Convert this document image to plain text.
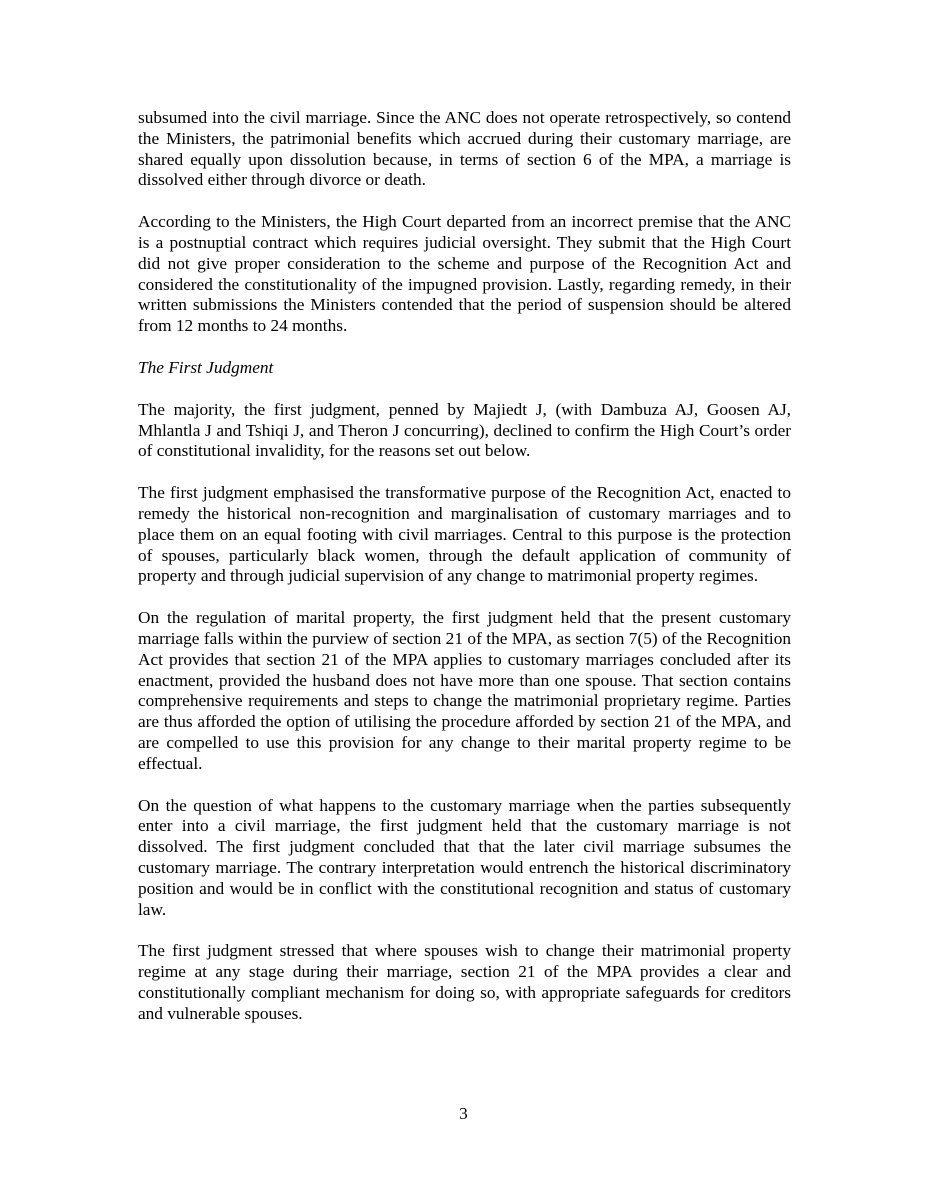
subsumed into the civil marriage. Since the ANC does not operate retrospectively, so contend the Ministers, the patrimonial benefits which accrued during their customary marriage, are shared equally upon dissolution because, in terms of section 6 of the MPA, a marriage is dissolved either through divorce or death.

According to the Ministers, the High Court departed from an incorrect premise that the ANC is a postnuptial contract which requires judicial oversight. They submit that the High Court did not give proper consideration to the scheme and purpose of the Recognition Act and considered the constitutionality of the impugned provision. Lastly, regarding remedy, in their written submissions the Ministers contended that the period of suspension should be altered from 12 months to 24 months.

The First Judgment

The majority, the first judgment, penned by Majiedt J, (with Dambuza AJ, Goosen AJ, Mhlantla J and Tshiqi J, and Theron J concurring), declined to confirm the High Court’s order of constitutional invalidity, for the reasons set out below.

The first judgment emphasised the transformative purpose of the Recognition Act, enacted to remedy the historical non-recognition and marginalisation of customary marriages and to place them on an equal footing with civil marriages. Central to this purpose is the protection of spouses, particularly black women, through the default application of community of property and through judicial supervision of any change to matrimonial property regimes.

On the regulation of marital property, the first judgment held that the present customary marriage falls within the purview of section 21 of the MPA, as section 7(5) of the Recognition Act provides that section 21 of the MPA applies to customary marriages concluded after its enactment, provided the husband does not have more than one spouse. That section contains comprehensive requirements and steps to change the matrimonial proprietary regime. Parties are thus afforded the option of utilising the procedure afforded by section 21 of the MPA, and are compelled to use this provision for any change to their marital property regime to be effectual.

On the question of what happens to the customary marriage when the parties subsequently enter into a civil marriage, the first judgment held that the customary marriage is not dissolved. The first judgment concluded that that the later civil marriage subsumes the customary marriage. The contrary interpretation would entrench the historical discriminatory position and would be in conflict with the constitutional recognition and status of customary law.

The first judgment stressed that where spouses wish to change their matrimonial property regime at any stage during their marriage, section 21 of the MPA provides a clear and constitutionally compliant mechanism for doing so, with appropriate safeguards for creditors and vulnerable spouses.

3
